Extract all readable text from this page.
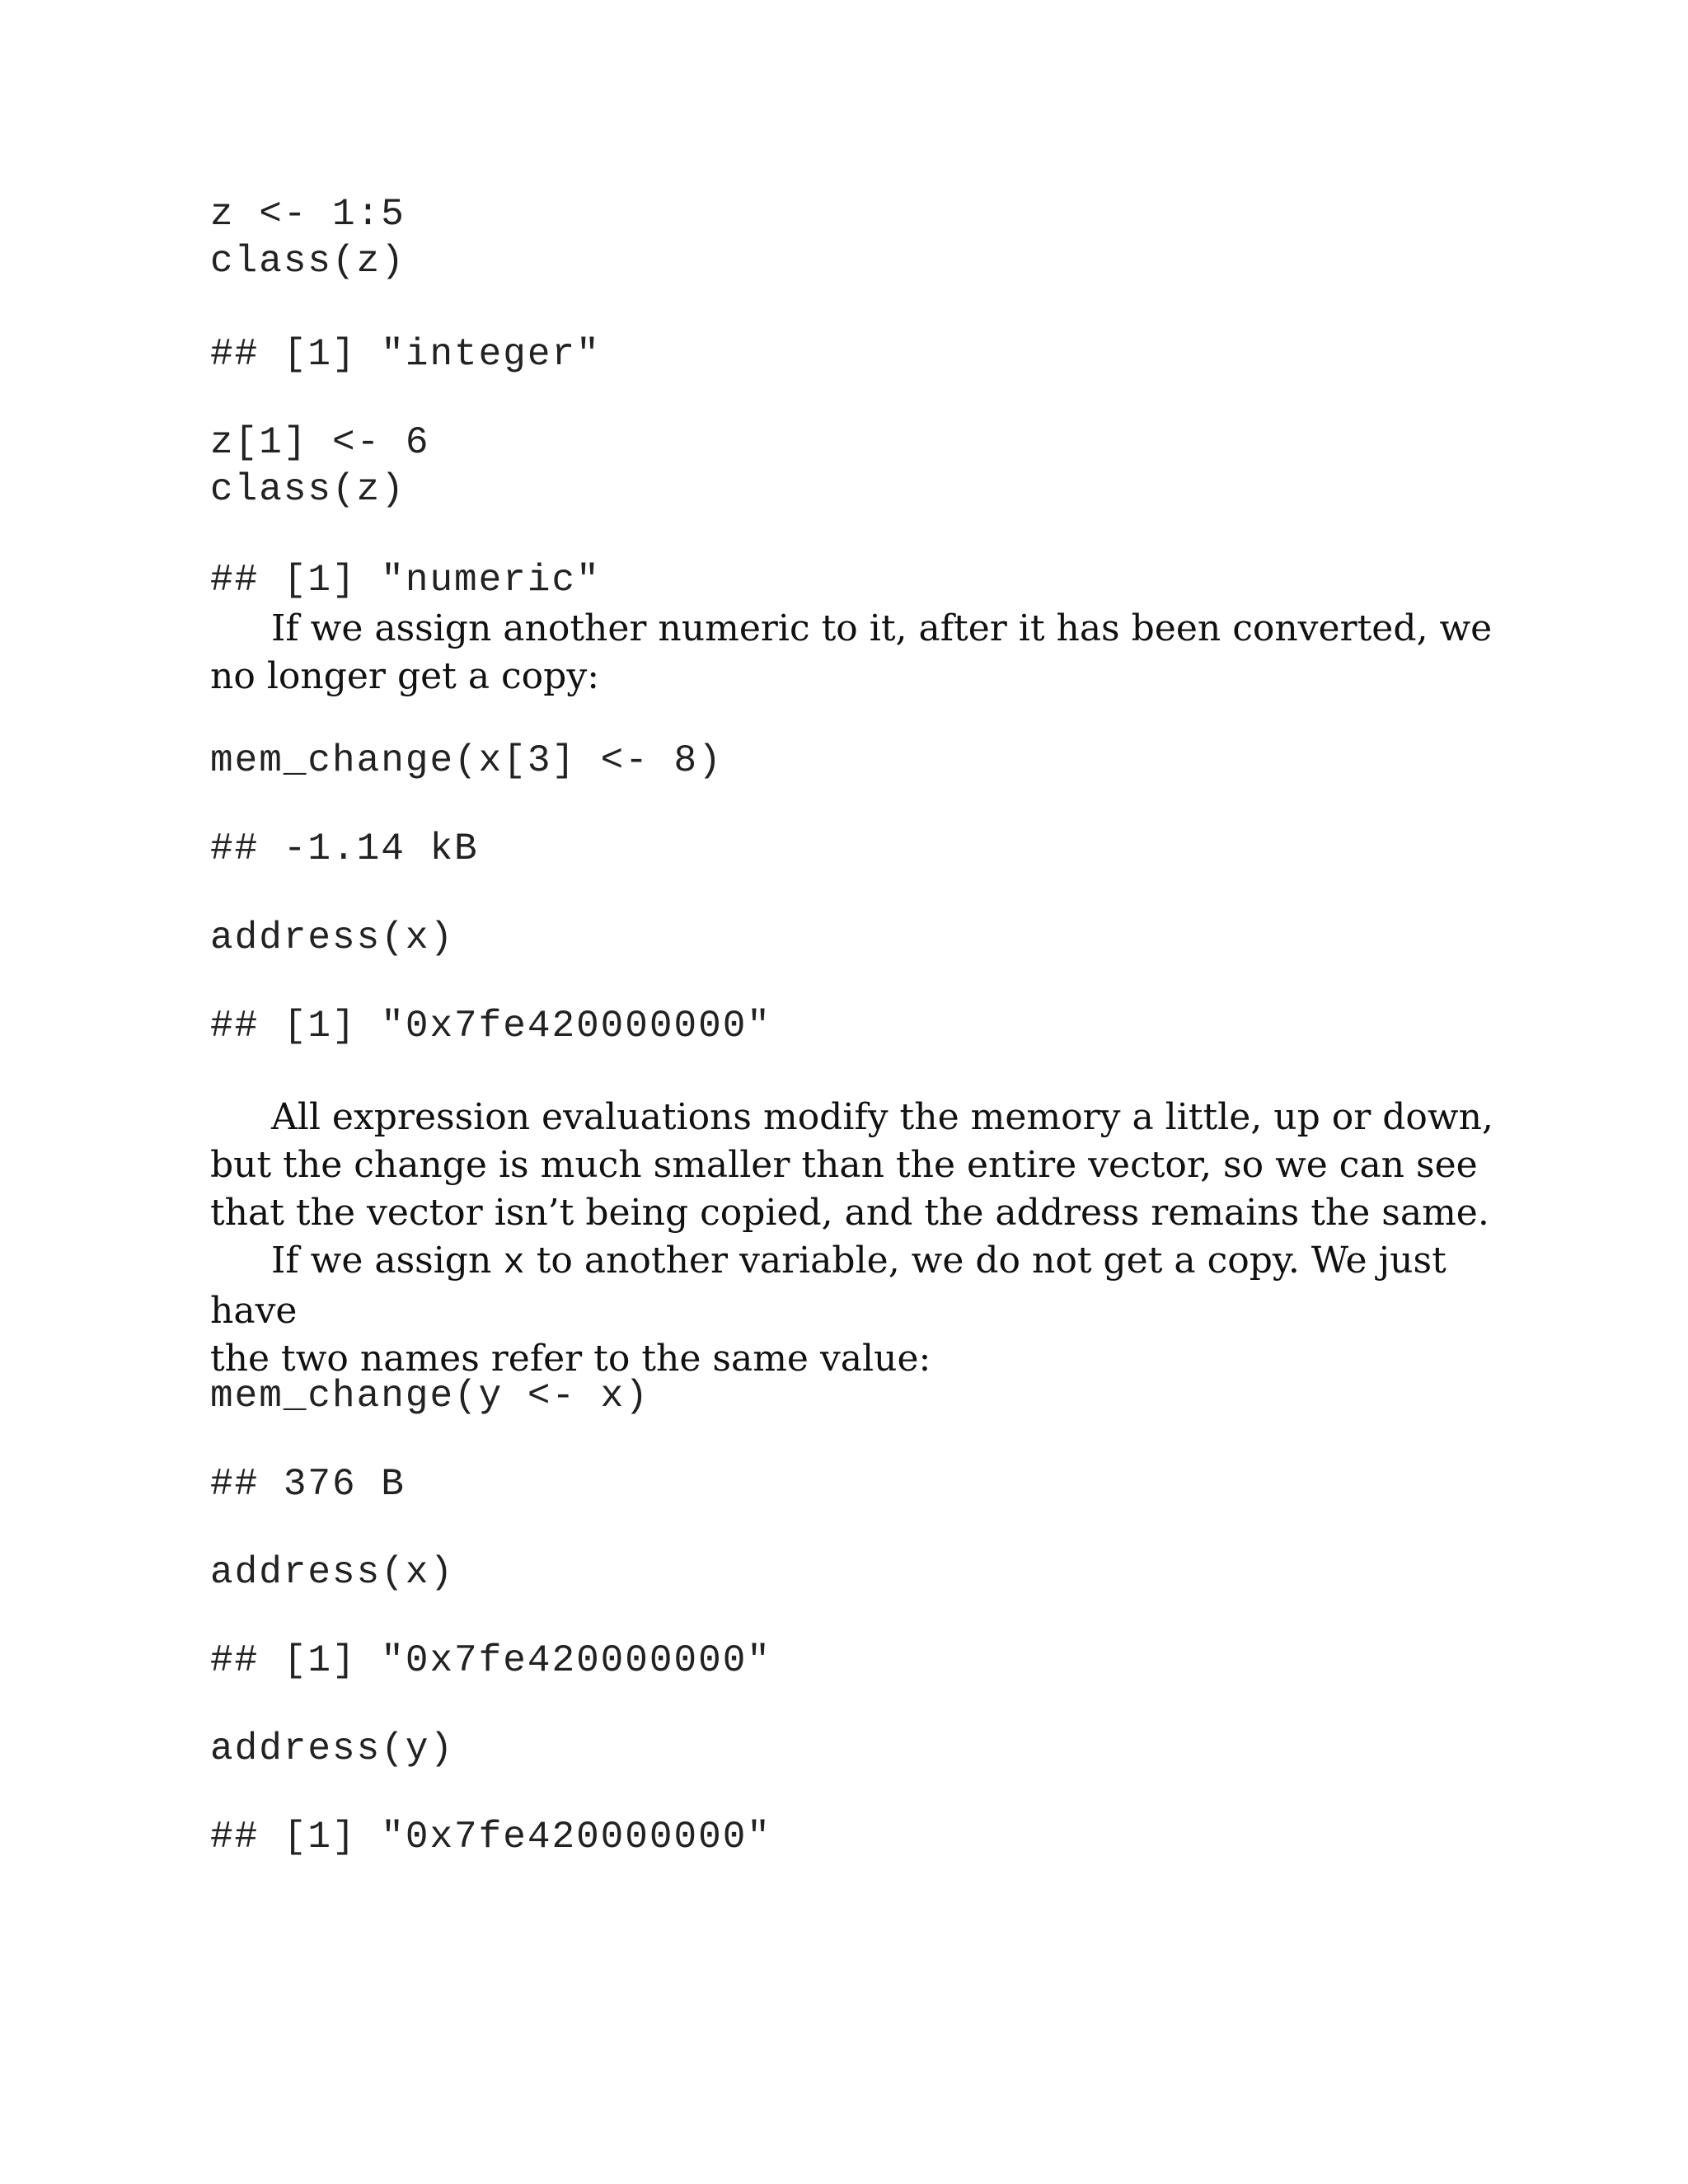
z <- 1:5
class(z)
## [1] "integer"
z[1] <- 6
class(z)
## [1] "numeric"

If we assign another numeric to it, after it has been converted, we

no longer get a copy:

mem_change(x[3] <- 8)
## -1.14 kB
address(x)
## [1] "0x7fe420000000"

All expression evaluations modify the memory a little, up or down,

but the change is much smaller than the entire vector, so we can see

that the vector isn’t being copied, and the address remains the same.

If we assign x to another variable, we do not get a copy. We just have

the two names refer to the same value:

mem_change(y <- x)
## 376 B
address(x)
## [1] "0x7fe420000000"
address(y)
## [1] "0x7fe420000000"
